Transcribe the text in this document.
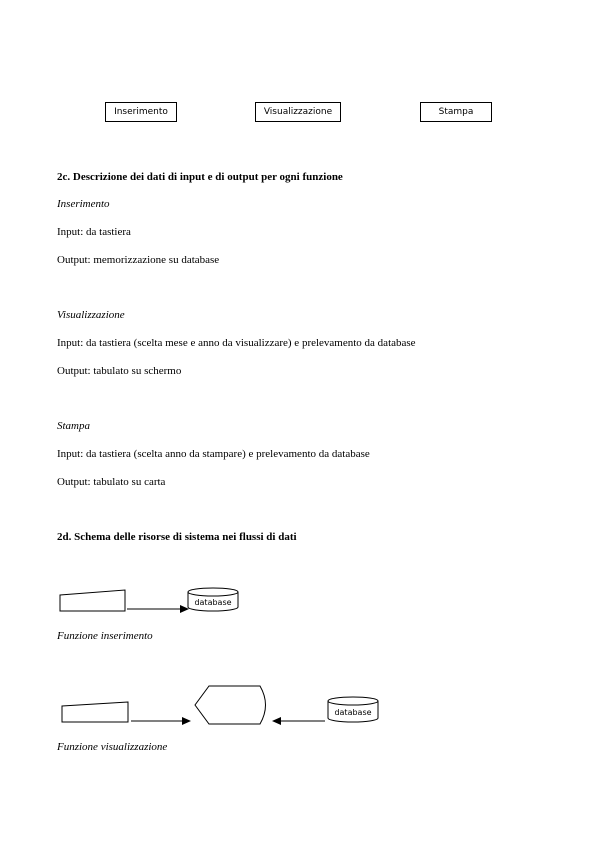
Inserimento	Visualizzazione	Stampa
2c. Descrizione dei dati di input e di output per ogni funzione
Inserimento
Input: da tastiera
Output: memorizzazione su database
Visualizzazione
Input: da tastiera (scelta mese e anno da visualizzare) e prelevamento da database
Output: tabulato su schermo
Stampa
Input: da tastiera (scelta anno da stampare) e prelevamento da database
Output: tabulato su carta
2d. Schema delle risorse di sistema nei flussi di dati
database
Funzione inserimento
database
Funzione visualizzazione
